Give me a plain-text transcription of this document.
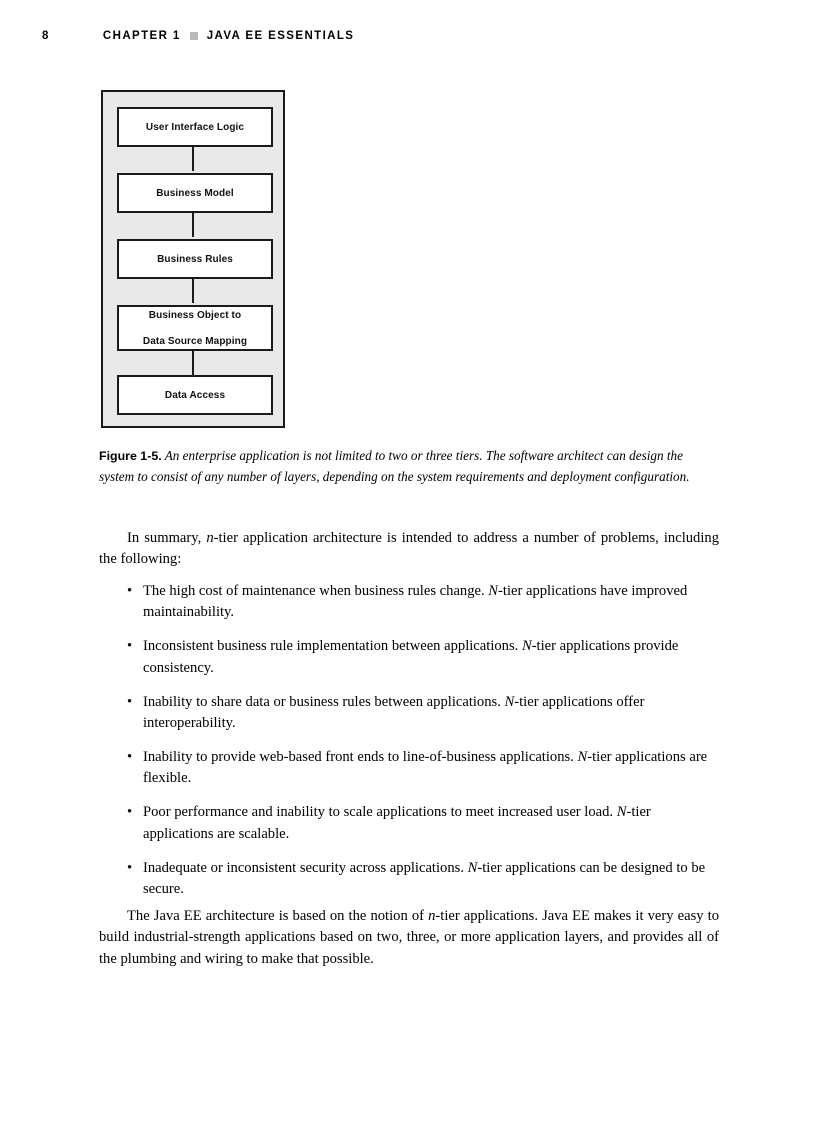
8	CHAPTER 1 JAVA EE ESSENTIALS
User Interface Logic
Business Model
Business Rules
Business Object to

Data Source Mapping
Data Access
Figure 1-5. An enterprise application is not limited to two or three tiers. The software architect can design the system to consist of any number of layers, depending on the system requirements and deployment configuration.
In summary, n-tier application architecture is intended to address a number of problems, including the following:
• The high cost of maintenance when business rules change. N-tier applications have improved maintainability.
• Inconsistent business rule implementation between applications. N-tier applications provide consistency.
• Inability to share data or business rules between applications. N-tier applications offer interoperability.
• Inability to provide web-based front ends to line-of-business applications. N-tier applications are flexible.
• Poor performance and inability to scale applications to meet increased user load. N-tier applications are scalable.
• Inadequate or inconsistent security across applications. N-tier applications can be designed to be secure.
The Java EE architecture is based on the notion of n-tier applications. Java EE makes it very easy to build industrial-strength applications based on two, three, or more application layers, and provides all of the plumbing and wiring to make that possible.
